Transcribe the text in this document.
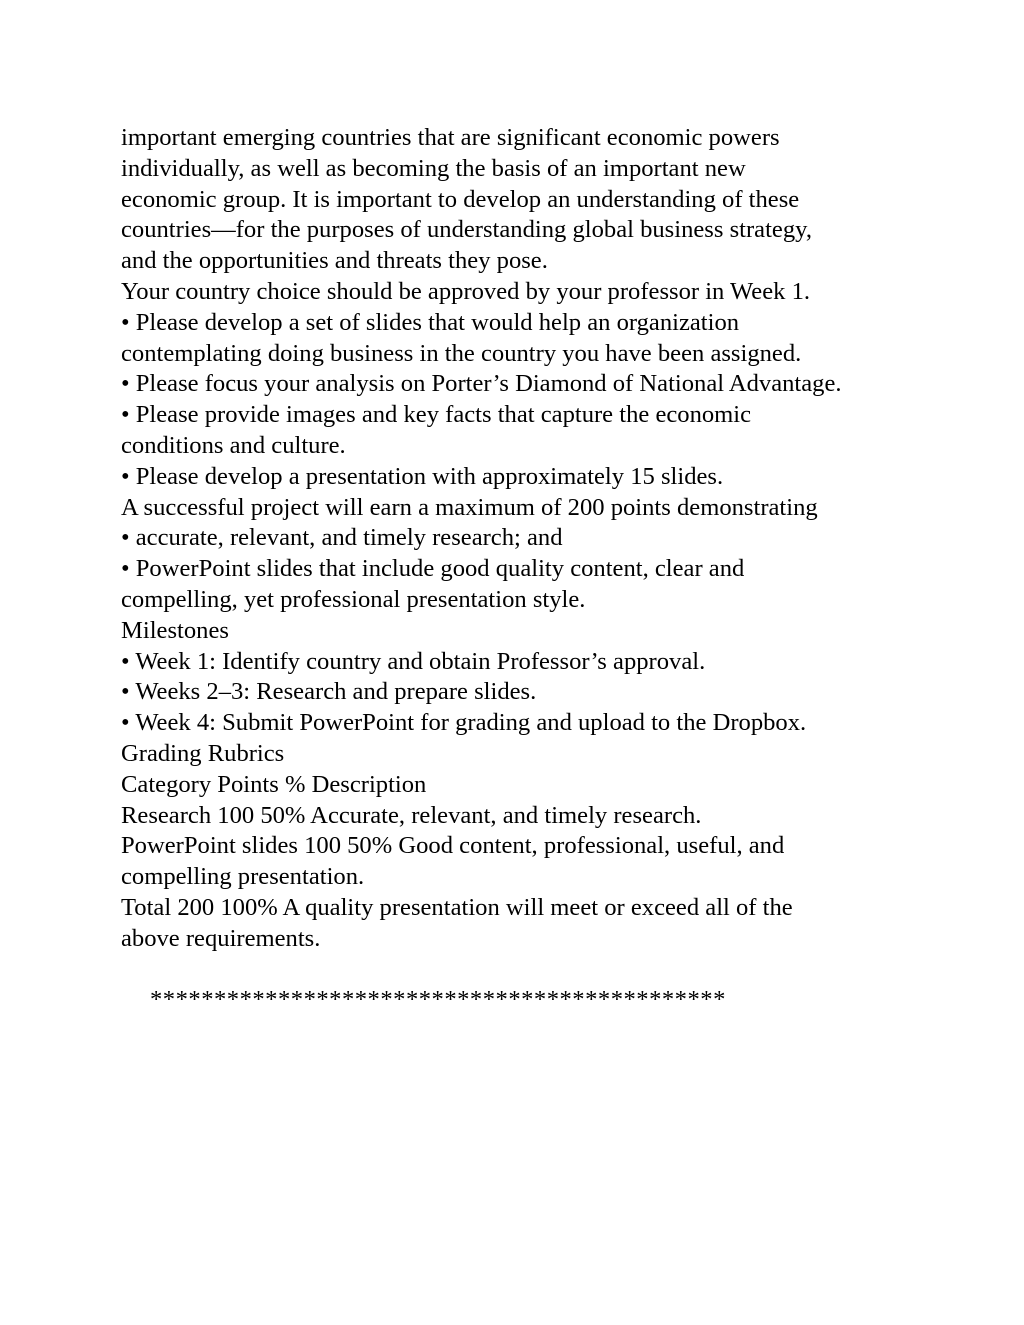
important emerging countries that are significant economic powers
individually, as well as becoming the basis of an important new
economic group. It is important to develop an understanding of these
countries—for the purposes of understanding global business strategy,
and the opportunities and threats they pose.
Your country choice should be approved by your professor in Week 1.
• Please develop a set of slides that would help an organization
contemplating doing business in the country you have been assigned.
• Please focus your analysis on Porter’s Diamond of National Advantage.
• Please provide images and key facts that capture the economic
conditions and culture.
• Please develop a presentation with approximately 15 slides.
A successful project will earn a maximum of 200 points demonstrating
• accurate, relevant, and timely research; and
• PowerPoint slides that include good quality content, clear and
compelling, yet professional presentation style.
Milestones
• Week 1: Identify country and obtain Professor’s approval.
• Weeks 2–3: Research and prepare slides.
• Week 4: Submit PowerPoint for grading and upload to the Dropbox.
Grading Rubrics
Category Points % Description
Research 100 50% Accurate, relevant, and timely research.
PowerPoint slides 100 50% Good content, professional, useful, and
compelling presentation.
Total 200 100% A quality presentation will meet or exceed all of the
above requirements.
*********************************************
